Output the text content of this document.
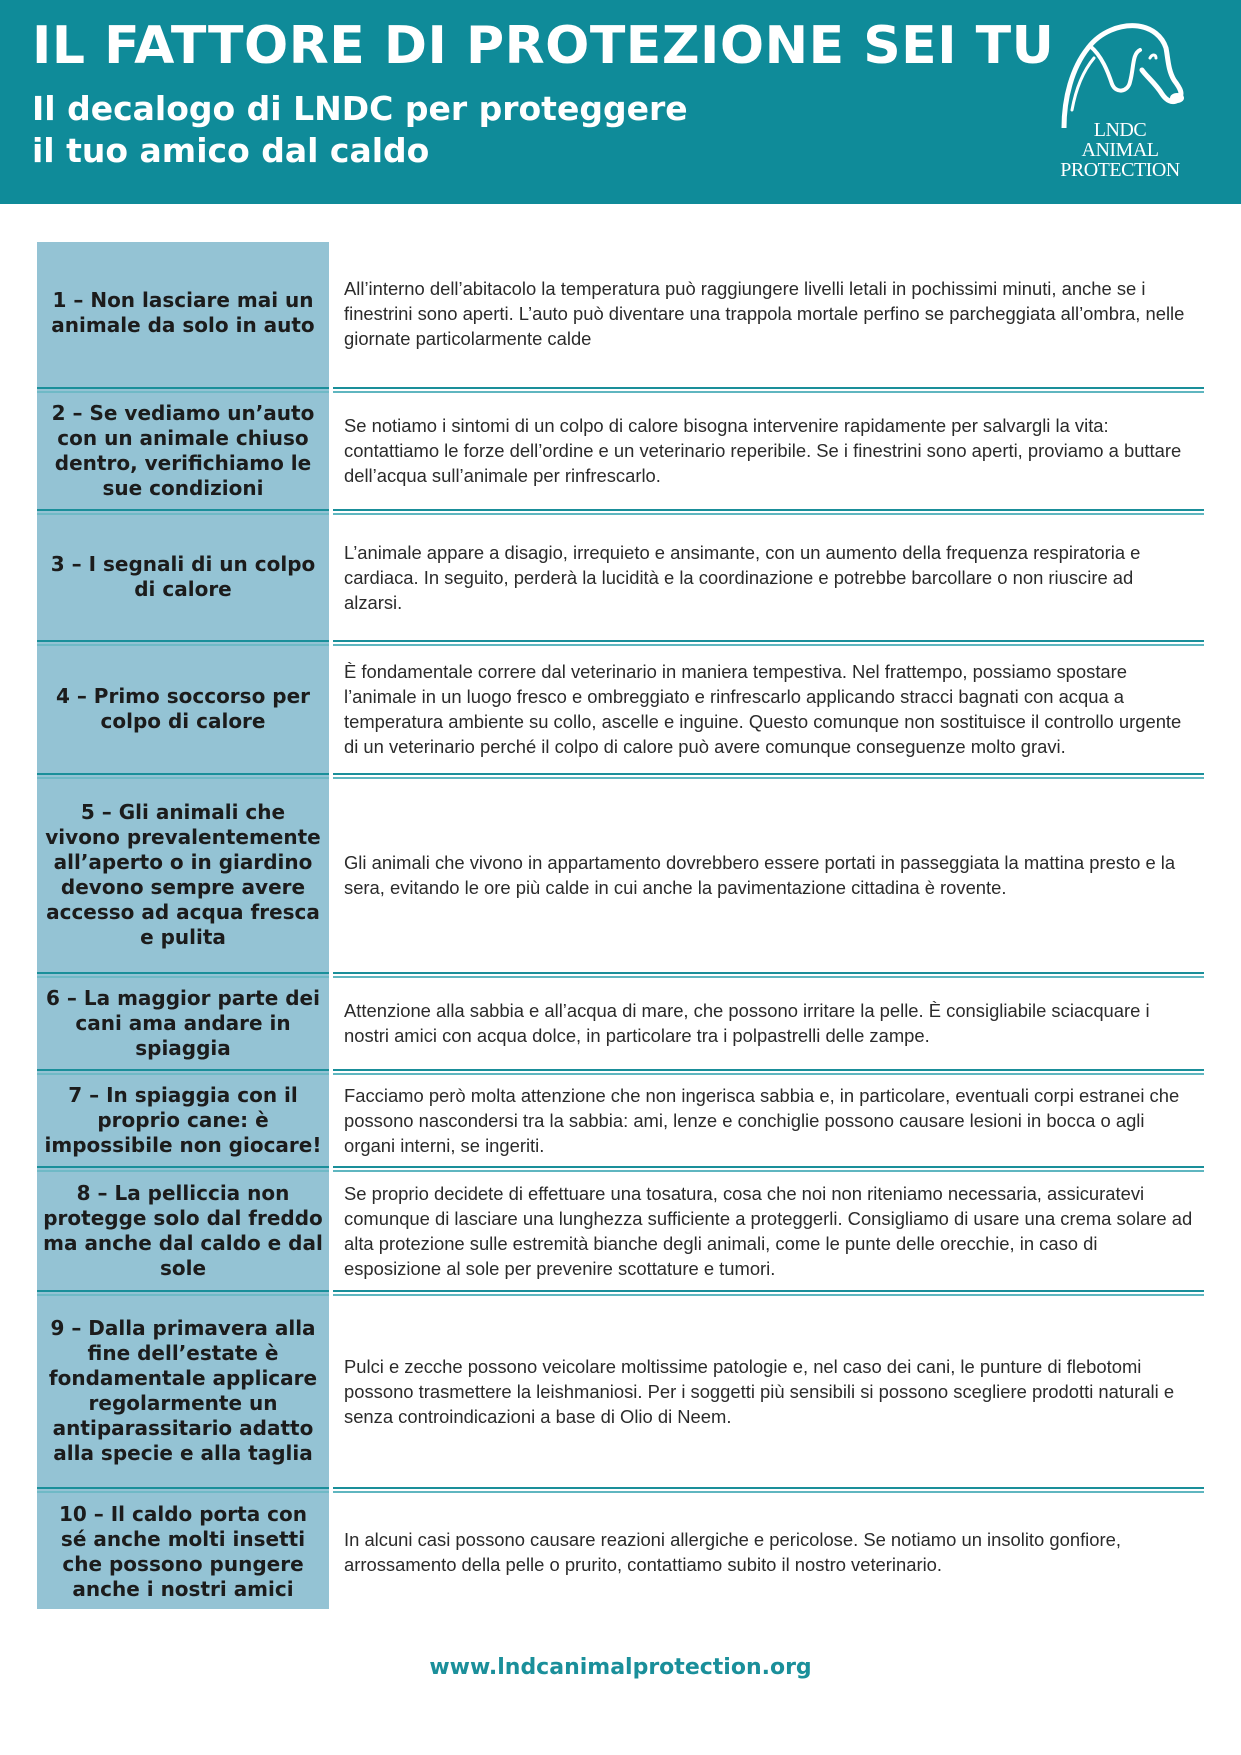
IL FATTORE DI PROTEZIONE SEI TU
Il decalogo di LNDC per proteggere
il tuo amico dal caldo
LNDC
ANIMAL
PROTECTION
1 – Non lasciare mai un animale da solo in auto
All’interno dell’abitacolo la temperatura può raggiungere livelli letali in pochissimi minuti, anche se i finestrini sono aperti. L’auto può diventare una trappola mortale perfino se parcheggiata all’ombra, nelle giornate particolarmente calde
2 – Se vediamo un’auto con un animale chiuso dentro, verifichiamo le sue condizioni
Se notiamo i sintomi di un colpo di calore bisogna intervenire rapidamente per salvargli la vita: contattiamo le forze dell’ordine e un veterinario reperibile. Se i finestrini sono aperti, proviamo a buttare dell’acqua sull’animale per rinfrescarlo.
3 – I segnali di un colpo di calore
L’animale appare a disagio, irrequieto e ansimante, con un aumento della frequenza respiratoria e cardiaca. In seguito, perderà la lucidità e la coordinazione e potrebbe barcollare o non riuscire ad alzarsi.
4 – Primo soccorso per colpo di calore
È fondamentale correre dal veterinario in maniera tempestiva. Nel frattempo, possiamo spostare l’animale in un luogo fresco e ombreggiato e rinfrescarlo applicando stracci bagnati con acqua a temperatura ambiente su collo, ascelle e inguine. Questo comunque non sostituisce il controllo urgente di un veterinario perché il colpo di calore può avere comunque conseguenze molto gravi.
5 – Gli animali che vivono prevalentemente all’aperto o in giardino devono sempre avere accesso ad acqua fresca e pulita
Gli animali che vivono in appartamento dovrebbero essere portati in passeggiata la mattina presto e la sera, evitando le ore più calde in cui anche la pavimentazione cittadina è rovente.
6 – La maggior parte dei cani ama andare in spiaggia
Attenzione alla sabbia e all’acqua di mare, che possono irritare la pelle. È consigliabile sciacquare i nostri amici con acqua dolce, in particolare tra i polpastrelli delle zampe.
7 – In spiaggia con il proprio cane: è impossibile non giocare!
Facciamo però molta attenzione che non ingerisca sabbia e, in particolare, eventuali corpi estranei che possono nascondersi tra la sabbia: ami, lenze e conchiglie possono causare lesioni in bocca o agli organi interni, se ingeriti.
8 – La pelliccia non protegge solo dal freddo ma anche dal caldo e dal sole
Se proprio decidete di effettuare una tosatura, cosa che noi non riteniamo necessaria, assicuratevi comunque di lasciare una lunghezza sufficiente a proteggerli. Consigliamo di usare una crema solare ad alta protezione sulle estremità bianche degli animali, come le punte delle orecchie, in caso di esposizione al sole per prevenire scottature e tumori.
9 – Dalla primavera alla fine dell’estate è fondamentale applicare regolarmente un antiparassitario adatto alla specie e alla taglia
Pulci e zecche possono veicolare moltissime patologie e, nel caso dei cani, le punture di flebotomi possono trasmettere la leishmaniosi. Per i soggetti più sensibili si possono scegliere prodotti naturali e senza controindicazioni a base di Olio di Neem.
10 – Il caldo porta con sé anche molti insetti che possono pungere anche i nostri amici
In alcuni casi possono causare reazioni allergiche e pericolose. Se notiamo un insolito gonfiore, arrossamento della pelle o prurito, contattiamo subito il nostro veterinario.
www.lndcanimalprotection.org
